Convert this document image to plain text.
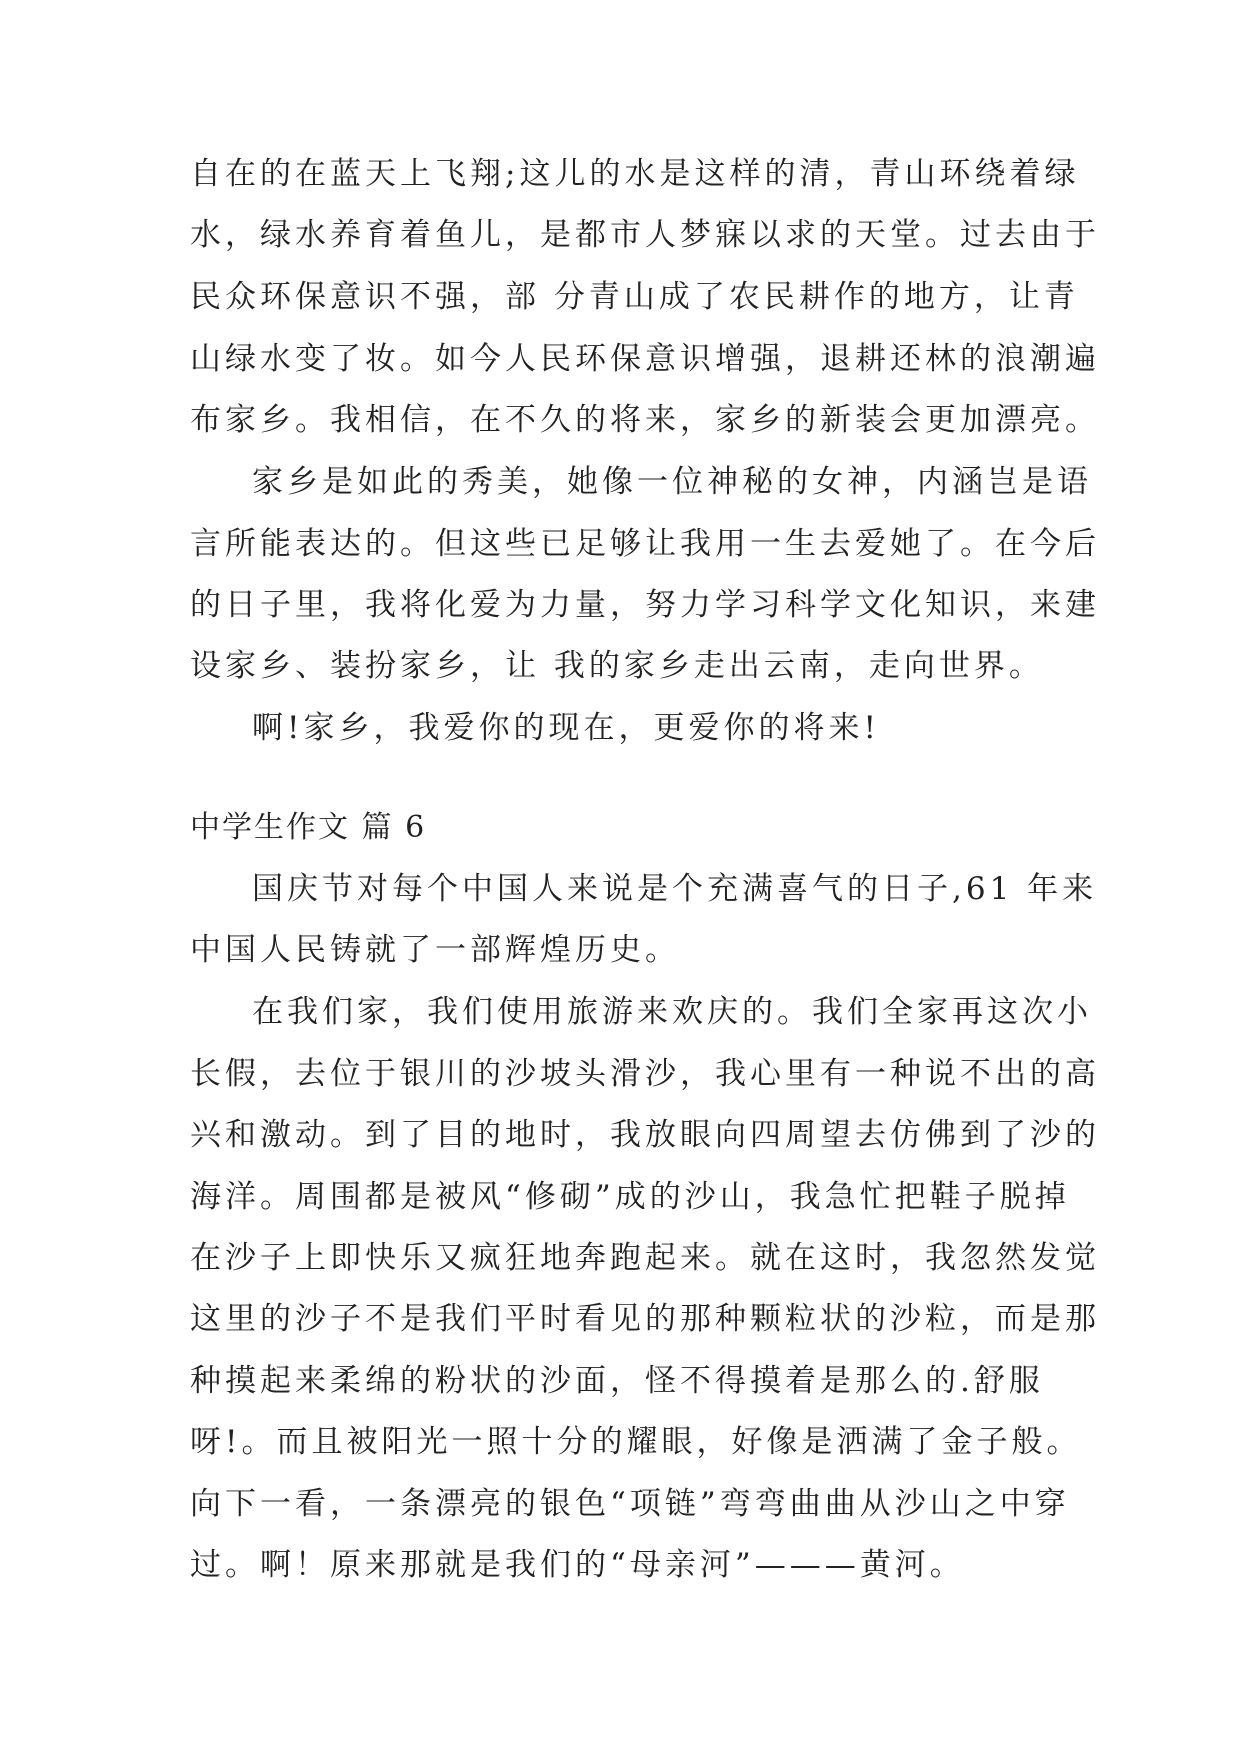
自在的在蓝天上飞翔;这儿的水是这样的清，青山环绕着绿
水，绿水养育着鱼儿，是都市人梦寐以求的天堂。过去由于
民众环保意识不强，部 分青山成了农民耕作的地方，让青
山绿水变了妆。如今人民环保意识增强，退耕还林的浪潮遍
布家乡。我相信，在不久的将来，家乡的新装会更加漂亮。
家乡是如此的秀美，她像一位神秘的女神，内涵岂是语
言所能表达的。但这些已足够让我用一生去爱她了。在今后
的日子里，我将化爱为力量，努力学习科学文化知识，来建
设家乡、装扮家乡，让 我的家乡走出云南，走向世界。
啊!家乡，我爱你的现在，更爱你的将来!
中学生作文 篇 6
国庆节对每个中国人来说是个充满喜气的日子,61 年来
中国人民铸就了一部辉煌历史。
在我们家，我们使用旅游来欢庆的。我们全家再这次小
长假，去位于银川的沙坡头滑沙，我心里有一种说不出的高
兴和激动。到了目的地时，我放眼向四周望去仿佛到了沙的
海洋。周围都是被风“修砌”成的沙山，我急忙把鞋子脱掉
在沙子上即快乐又疯狂地奔跑起来。就在这时，我忽然发觉
这里的沙子不是我们平时看见的那种颗粒状的沙粒，而是那
种摸起来柔绵的粉状的沙面，怪不得摸着是那么的.舒服
呀!。而且被阳光一照十分的耀眼，好像是洒满了金子般。
向下一看，一条漂亮的银色“项链”弯弯曲曲从沙山之中穿
过。啊！原来那就是我们的“母亲河”———黄河。
